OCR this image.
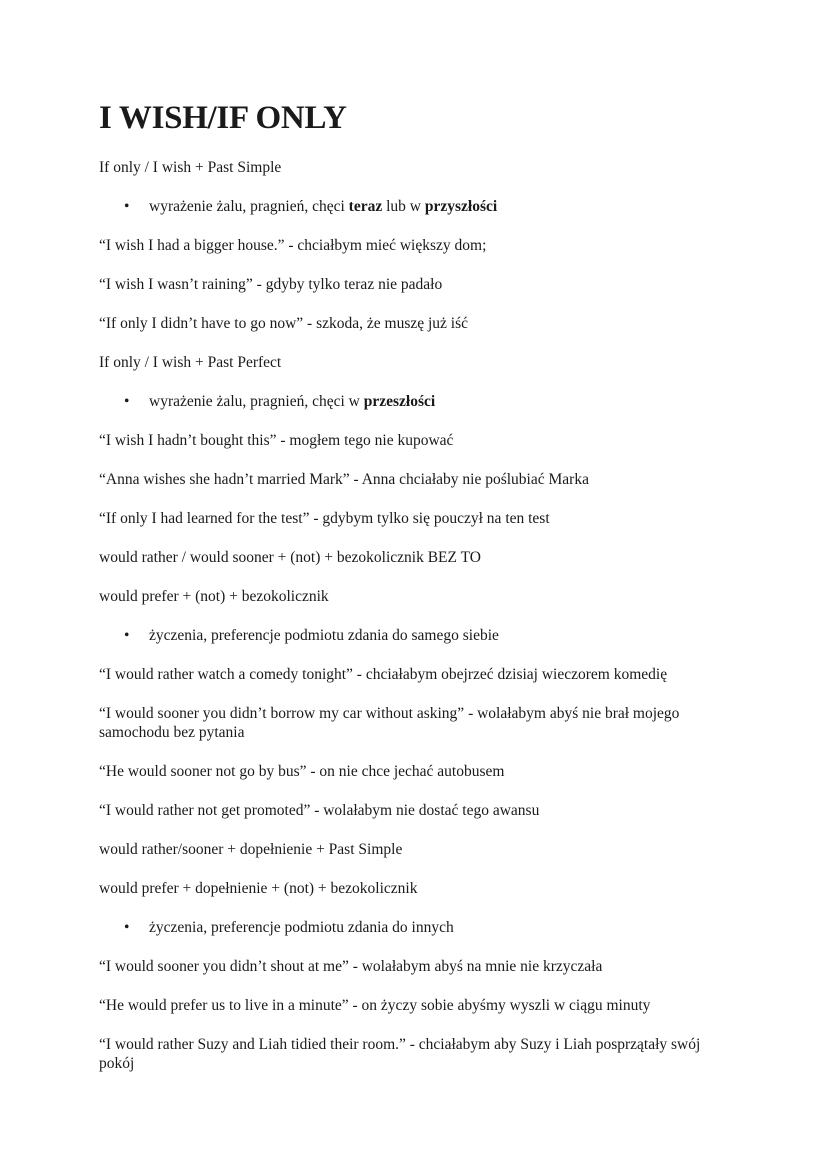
I WISH/IF ONLY

If only / I wish + Past Simple

• wyrażenie żalu, pragnień, chęci teraz lub w przyszłości

“I wish I had a bigger house.” - chciałbym mieć większy dom;

“I wish I wasn’t raining” - gdyby tylko teraz nie padało

“If only I didn’t have to go now” - szkoda, że muszę już iść

If only / I wish + Past Perfect

• wyrażenie żalu, pragnień, chęci w przeszłości

“I wish I hadn’t bought this” - mogłem tego nie kupować

“Anna wishes she hadn’t married Mark” - Anna chciałaby nie poślubiać Marka

“If only I had learned for the test” - gdybym tylko się pouczył na ten test

would rather / would sooner + (not) + bezokolicznik BEZ TO

would prefer + (not) + bezokolicznik

• życzenia, preferencje podmiotu zdania do samego siebie

“I would rather watch a comedy tonight” - chciałabym obejrzeć dzisiaj wieczorem komedię

“I would sooner you didn’t borrow my car without asking” - wolałabym abyś nie brał mojego samochodu bez pytania

“He would sooner not go by bus” - on nie chce jechać autobusem

“I would rather not get promoted” - wolałabym nie dostać tego awansu

would rather/sooner + dopełnienie + Past Simple

would prefer + dopełnienie + (not) + bezokolicznik

• życzenia, preferencje podmiotu zdania do innych

“I would sooner you didn’t shout at me” - wolałabym abyś na mnie nie krzyczała

“He would prefer us to live in a minute” - on życzy sobie abyśmy wyszli w ciągu minuty

“I would rather Suzy and Liah tidied their room.” - chciałabym aby Suzy i Liah posprzątały swój pokój
